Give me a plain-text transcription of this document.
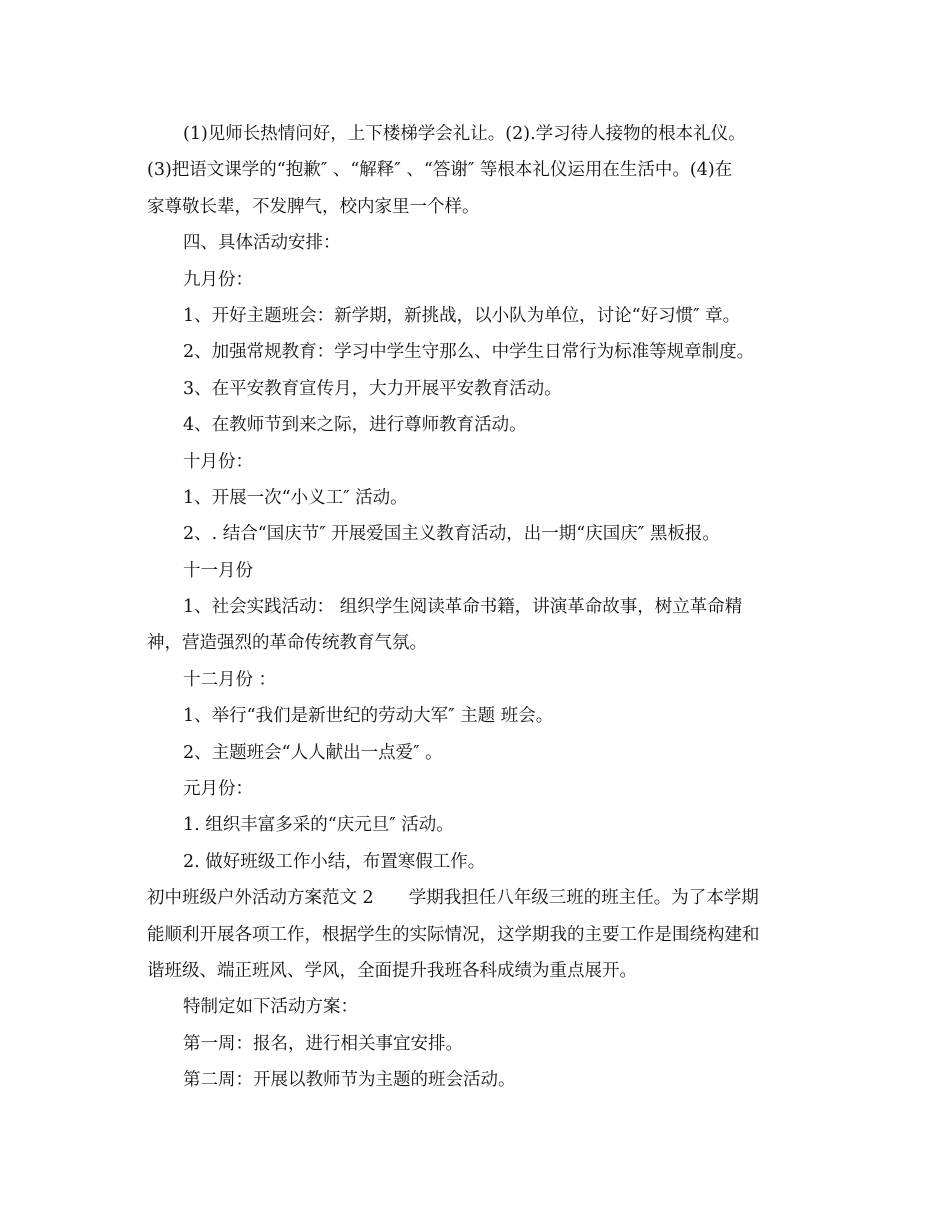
(1)见师长热情问好，上下楼梯学会礼让。(2).学习待人接物的根本礼仪。

(3)把语文课学的“抱歉″ 、“解释″ 、“答谢″ 等根本礼仪运用在生活中。(4)在

家尊敬长辈，不发脾气，校内家里一个样。

四、具体活动安排：

九月份：

1、开好主题班会：新学期，新挑战，以小队为单位，讨论“好习惯″ 章。

2、加强常规教育：学习中学生守那么、中学生日常行为标准等规章制度。

3、在平安教育宣传月，大力开展平安教育活动。

4、在教师节到来之际，进行尊师教育活动。

十月份：

1、开展一次“小义工″ 活动。

2、. 结合“国庆节″ 开展爱国主义教育活动，出一期“庆国庆″ 黑板报。

十一月份

1、社会实践活动： 组织学生阅读革命书籍，讲演革命故事，树立革命精

神，营造强烈的革命传统教育气氛。

十二月份 ：

1、举行“我们是新世纪的劳动大军″ 主题 班会。

2、主题班会“人人献出一点爱″ 。

元月份：

1. 组织丰富多采的“庆元旦″ 活动。

2. 做好班级工作小结，布置寒假工作。

初中班级户外活动方案范文 2　　学期我担任八年级三班的班主任。为了本学期

能顺利开展各项工作，根据学生的实际情况，这学期我的主要工作是围绕构建和

谐班级、端正班风、学风，全面提升我班各科成绩为重点展开。

特制定如下活动方案：

第一周：报名，进行相关事宜安排。

第二周：开展以教师节为主题的班会活动。
